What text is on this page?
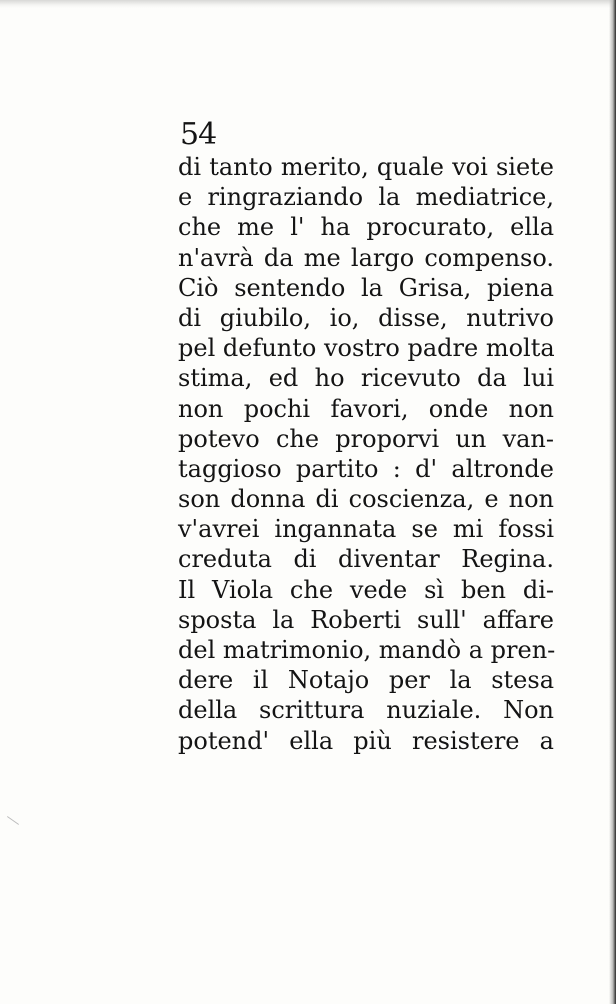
54
di tanto merito, quale voi siete
e ringraziando la mediatrice,
che me l' ha procurato, ella
n'avrà da me largo compenso.
Ciò sentendo la Grisa, piena
di giubilo, io, disse, nutrivo
pel defunto vostro padre molta
stima, ed ho ricevuto da lui
non pochi favori, onde non
potevo che proporvi un van-
taggioso partito : d' altronde
son donna di coscienza, e non
v'avrei ingannata se mi fossi
creduta di diventar Regina.
Il Viola che vede sì ben di-
sposta la Roberti sull' affare
del matrimonio, mandò a pren-
dere il Notajo per la stesa
della scrittura nuziale. Non
potend' ella più resistere a
